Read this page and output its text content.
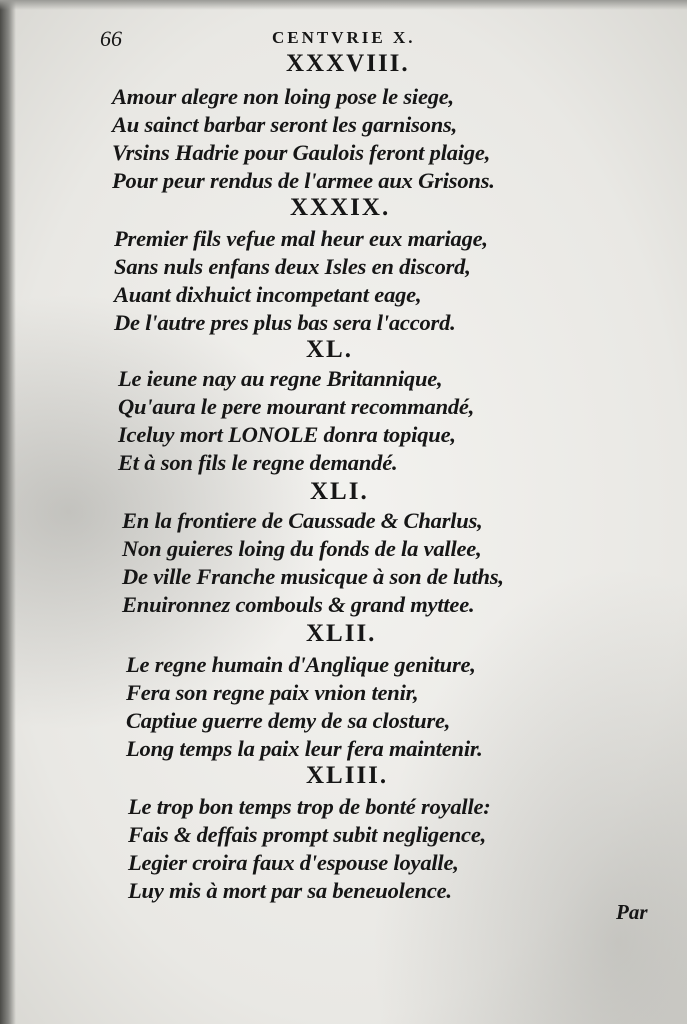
66	CENTVRIE X.
XXXVIII.
Amour alegre non loing pose le siege,
Au sainct barbar seront les garnisons,
Vrsins Hadrie pour Gaulois feront plaige,
Pour peur rendus de l'armee aux Grisons.
XXXIX.
Premier fils vefue mal heur eux mariage,
Sans nuls enfans deux Isles en discord,
Auant dixhuict incompetant eage,
De l'autre pres plus bas sera l'accord.
XL.
Le ieune nay au regne Britannique,
Qu'aura le pere mourant recommandé,
Iceluy mort LONOLE donra topique,
Et à son fils le regne demandé.
XLI.
En la frontiere de Caussade & Charlus,
Non guieres loing du fonds de la vallee,
De ville Franche musicque à son de luths,
Enuironnez combouls & grand myttee.
XLII.
Le regne humain d'Anglique geniture,
Fera son regne paix vnion tenir,
Captiue guerre demy de sa closture,
Long temps la paix leur fera maintenir.
XLIII.
Le trop bon temps trop de bonté royalle:
Fais & deffais prompt subit negligence,
Legier croira faux d'espouse loyalle,
Luy mis à mort par sa beneuolence.
Par
